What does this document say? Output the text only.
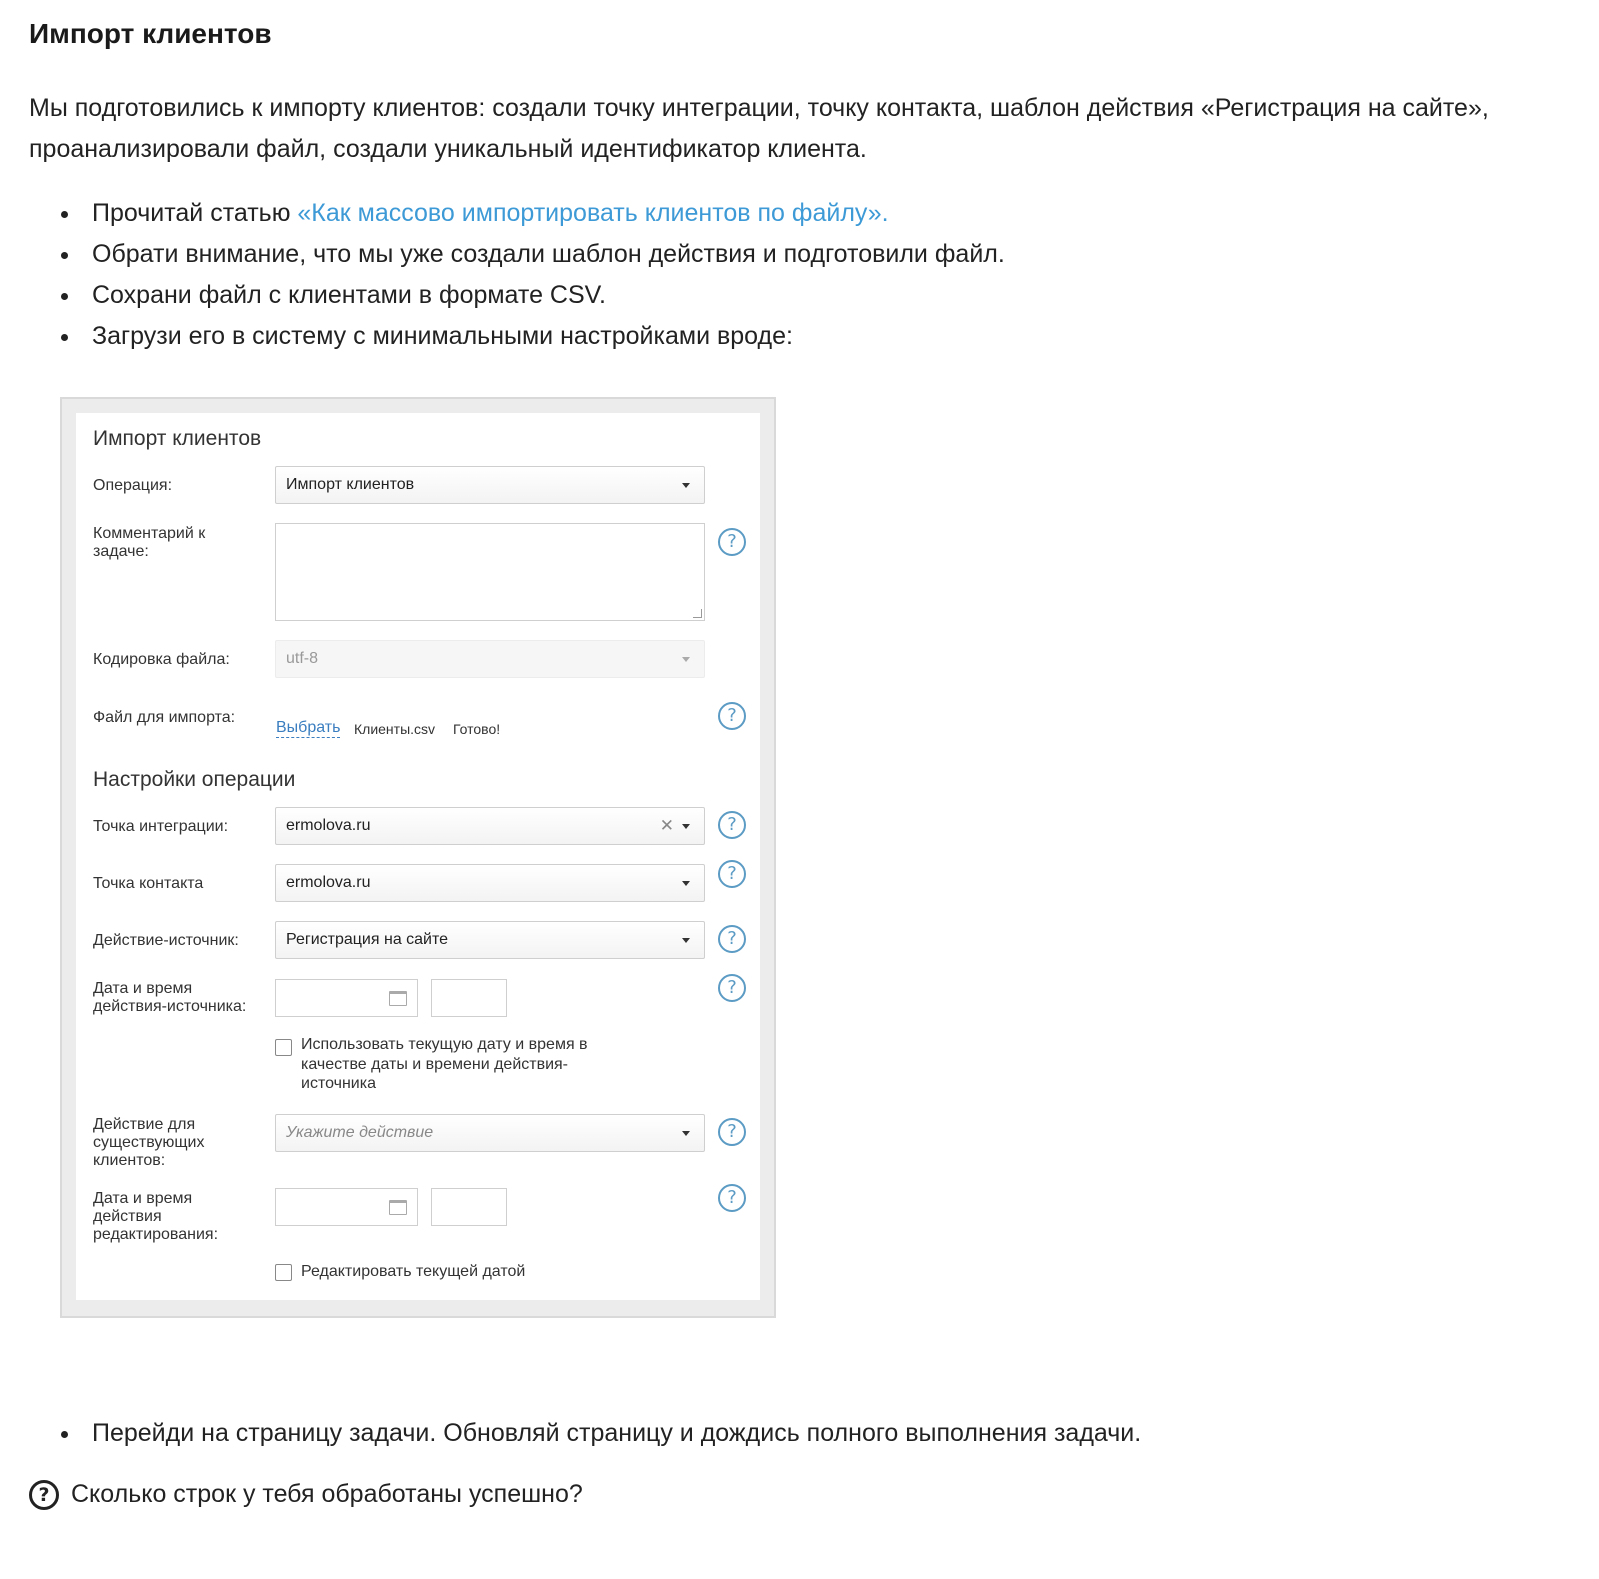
Импорт клиентов

Мы подготовились к импорту клиентов: создали точку интеграции, точку контакта, шаблон действия «Регистрация на сайте», проанализировали файл, создали уникальный идентификатор клиента.

Прочитай статью «Как массово импортировать клиентов по файлу».
Обрати внимание, что мы уже создали шаблон действия и подготовили файл.
Сохрани файл с клиентами в формате CSV.
Загрузи его в систему с минимальными настройками вроде:
Импорт клиентов
Операция:	Импорт клиентов
Комментарий к задаче:	?
Кодировка файла:	utf-8
Файл для импорта:
Выбрать Клиенты.csv Готово!
?
Настройки операции
Точка интеграции:	ermolova.ru	✕	?
Точка контакта	ermolova.ru	?
Действие-источник:	Регистрация на сайте	?
Дата и время действия-источника:
?
Использовать текущую дату и время в качестве даты и времени действия-источника
Действие для существующих клиентов:
Укажите действие	?
Дата и время действия редактирования:
?
Редактировать текущей датой
Перейди на страницу задачи. Обновляй страницу и дождись полного выполнения задачи.
? Сколько строк у тебя обработаны успешно?
